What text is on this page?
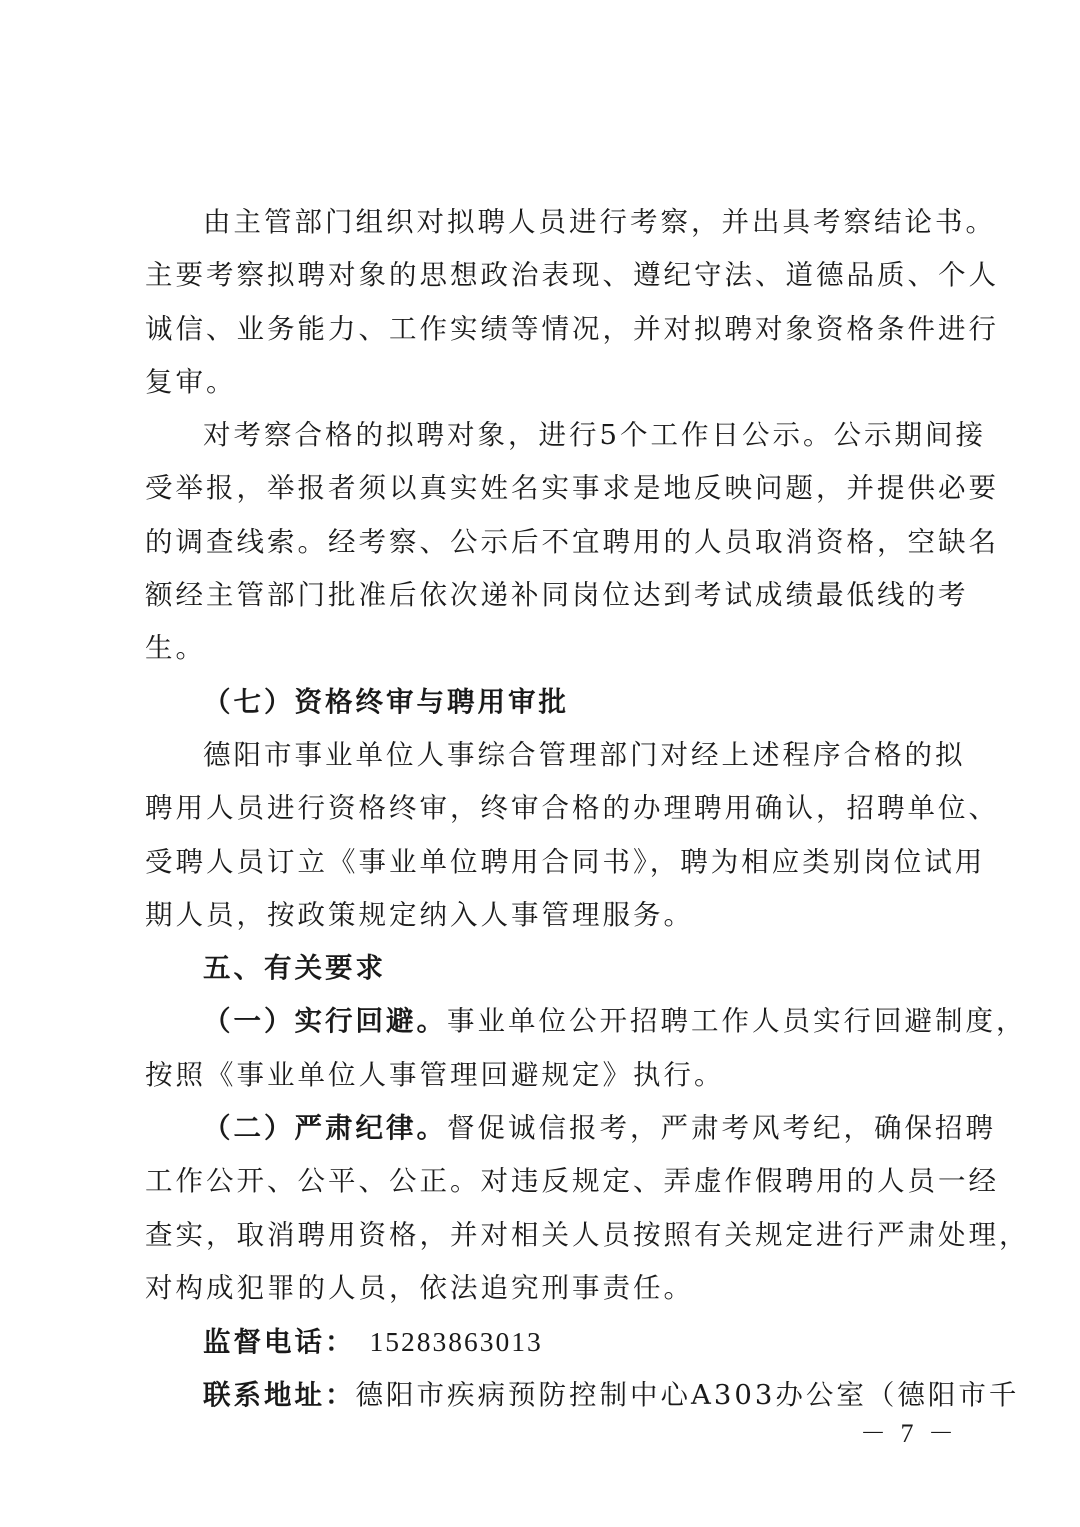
由主管部门组织对拟聘人员进行考察，并出具考察结论书。
主要考察拟聘对象的思想政治表现、遵纪守法、道德品质、个人
诚信、业务能力、工作实绩等情况，并对拟聘对象资格条件进行
复审。
对考察合格的拟聘对象，进行5个工作日公示。公示期间接
受举报，举报者须以真实姓名实事求是地反映问题，并提供必要
的调查线索。经考察、公示后不宜聘用的人员取消资格，空缺名
额经主管部门批准后依次递补同岗位达到考试成绩最低线的考
生。
（七）资格终审与聘用审批
德阳市事业单位人事综合管理部门对经上述程序合格的拟
聘用人员进行资格终审，终审合格的办理聘用确认，招聘单位、
受聘人员订立《事业单位聘用合同书》，聘为相应类别岗位试用
期人员，按政策规定纳入人事管理服务。
五、有关要求
（一）实行回避。事业单位公开招聘工作人员实行回避制度，
按照《事业单位人事管理回避规定》执行。
（二）严肃纪律。督促诚信报考，严肃考风考纪，确保招聘
工作公开、公平、公正。对违反规定、弄虚作假聘用的人员一经
查实，取消聘用资格，并对相关人员按照有关规定进行严肃处理，
对构成犯罪的人员，依法追究刑事责任。
监督电话： 15283863013
联系地址：德阳市疾病预防控制中心A303办公室（德阳市千
－ 7 －
